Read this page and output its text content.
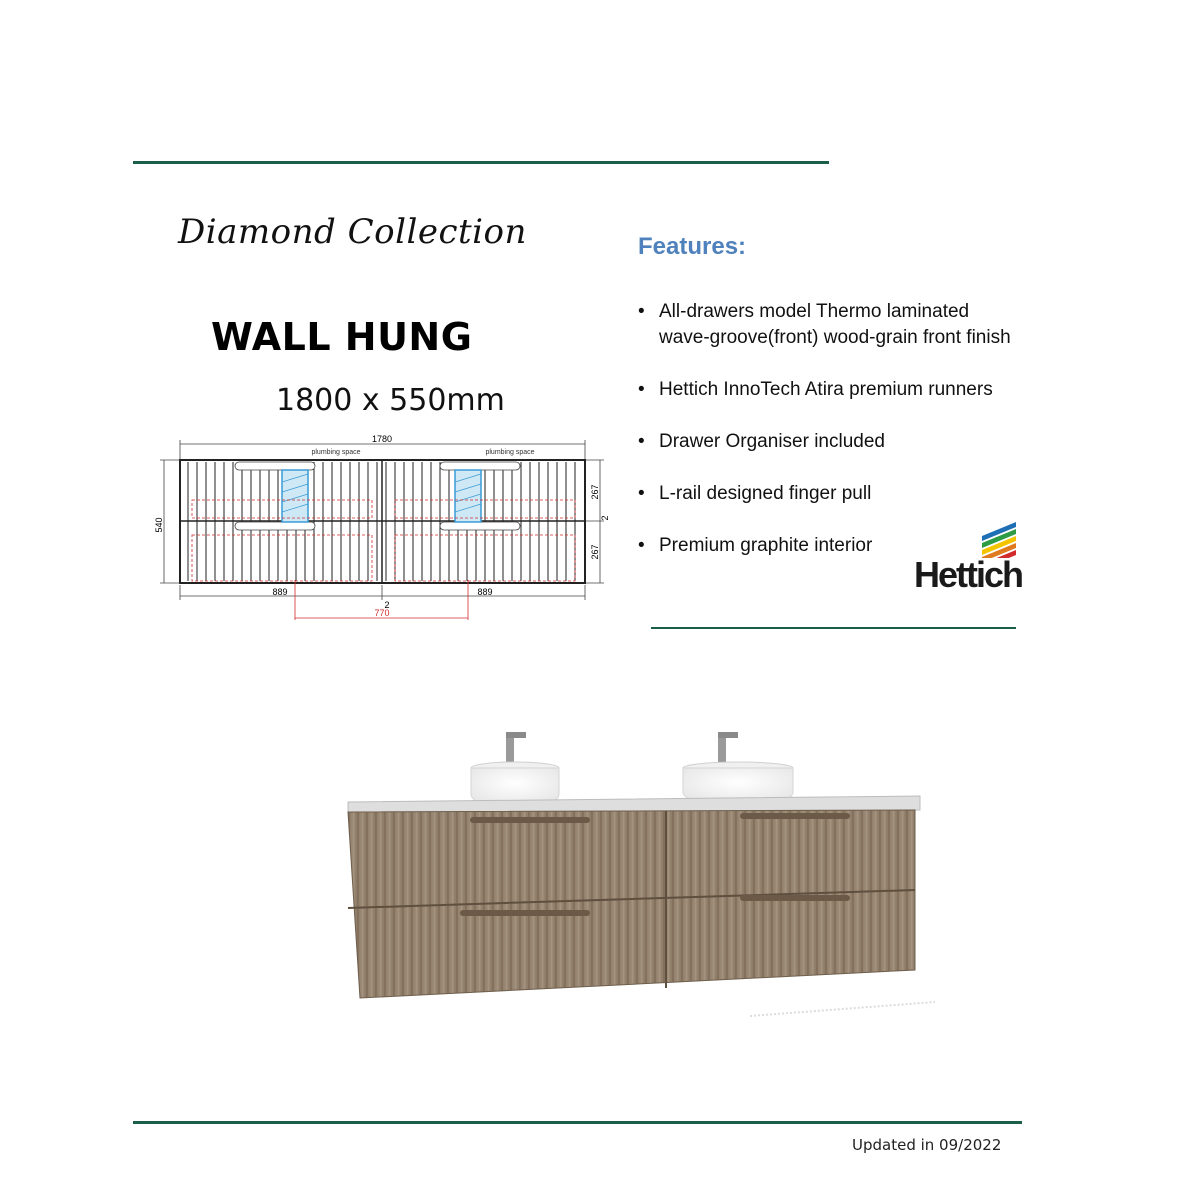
Diamond Collection
WALL HUNG
1800 x 550mm
1780
plumbing space	plumbing space
540
267
2
267
889
2
889
770
Features:
• All-drawers model Thermo laminated wave-groove(front) wood-grain front finish
• Hettich InnoTech Atira premium runners
• Drawer Organiser included
• L-rail designed finger pull
• Premium graphite interior
Hettich
Updated in 09/2022
